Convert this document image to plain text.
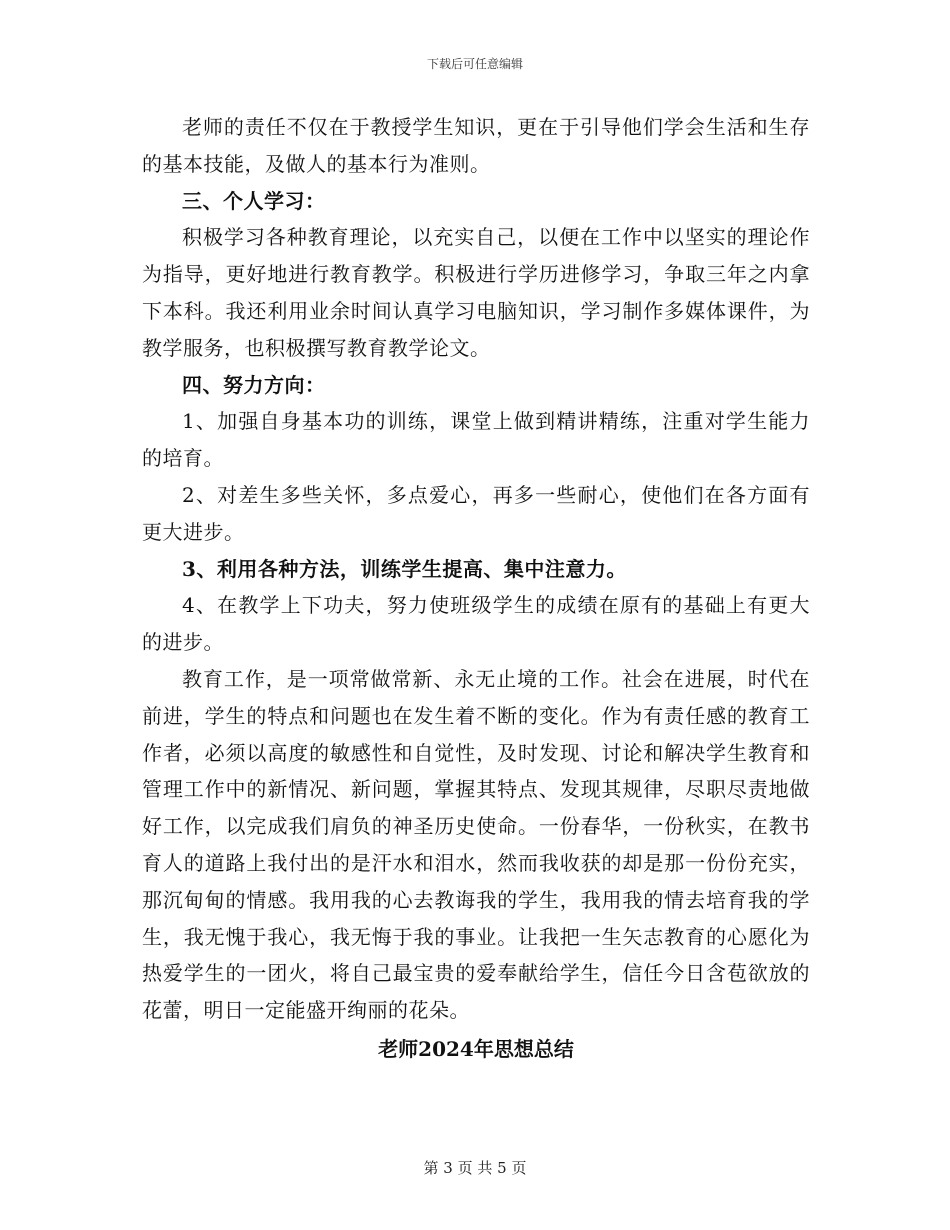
下载后可任意编辑

老师的责任不仅在于教授学生知识，更在于引导他们学会生活和生存的基本技能，及做人的基本行为准则。

三、个人学习：

积极学习各种教育理论，以充实自己，以便在工作中以坚实的理论作为指导，更好地进行教育教学。积极进行学历进修学习，争取三年之内拿下本科。我还利用业余时间认真学习电脑知识，学习制作多媒体课件，为教学服务，也积极撰写教育教学论文。

四、努力方向：

1、加强自身基本功的训练，课堂上做到精讲精练，注重对学生能力的培育。

2、对差生多些关怀，多点爱心，再多一些耐心，使他们在各方面有更大进步。

3、利用各种方法，训练学生提高、集中注意力。

4、在教学上下功夫，努力使班级学生的成绩在原有的基础上有更大的进步。

教育工作，是一项常做常新、永无止境的工作。社会在进展，时代在前进，学生的特点和问题也在发生着不断的变化。作为有责任感的教育工作者，必须以高度的敏感性和自觉性，及时发现、讨论和解决学生教育和管理工作中的新情况、新问题，掌握其特点、发现其规律，尽职尽责地做好工作，以完成我们肩负的神圣历史使命。一份春华，一份秋实，在教书育人的道路上我付出的是汗水和泪水，然而我收获的却是那一份份充实，那沉甸甸的情感。我用我的心去教诲我的学生，我用我的情去培育我的学生，我无愧于我心，我无悔于我的事业。让我把一生矢志教育的心愿化为热爱学生的一团火，将自己最宝贵的爱奉献给学生，信任今日含苞欲放的花蕾，明日一定能盛开绚丽的花朵。

老师2024年思想总结

第 3 页 共 5 页
